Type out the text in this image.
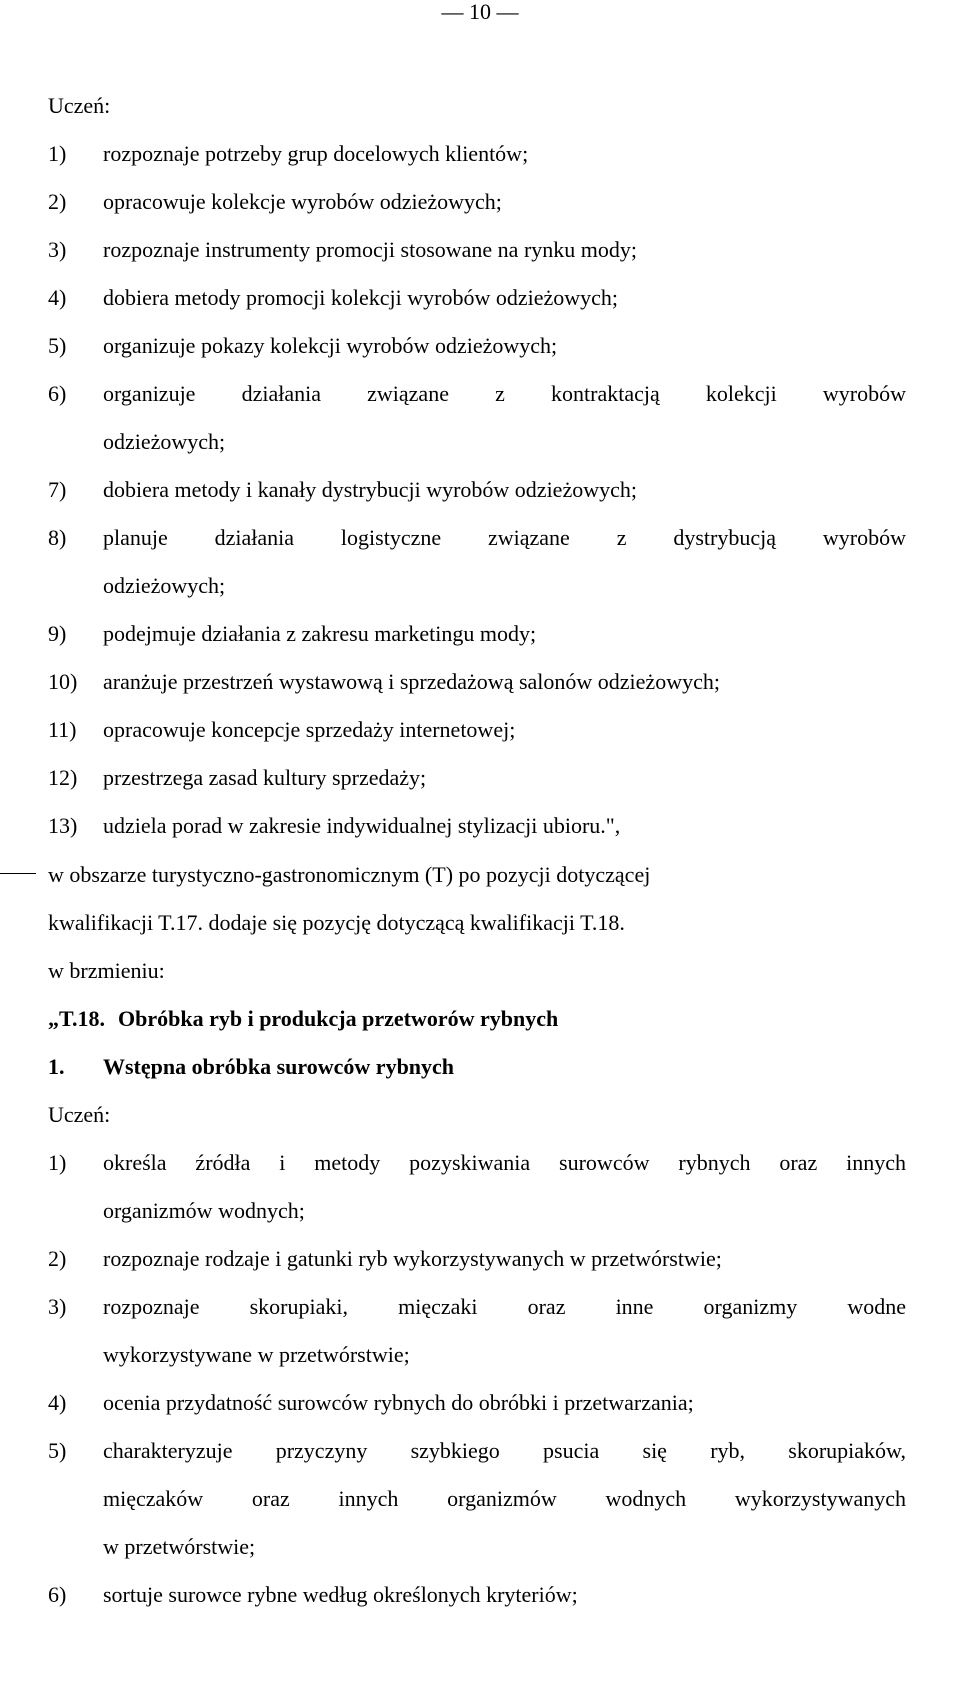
— 10 —
Uczeń:
1)	rozpoznaje potrzeby grup docelowych klientów;
2)	opracowuje kolekcje wyrobów odzieżowych;
3)	rozpoznaje instrumenty promocji stosowane na rynku mody;
4)	dobiera metody promocji kolekcji wyrobów odzieżowych;
5)	organizuje pokazy kolekcji wyrobów odzieżowych;
6)	organizuje działania związane z kontraktacją kolekcji wyrobów
odzieżowych;
7)	dobiera metody i kanały dystrybucji wyrobów odzieżowych;
8)	planuje działania logistyczne związane z dystrybucją wyrobów
odzieżowych;
9)	podejmuje działania z zakresu marketingu mody;
10)	aranżuje przestrzeń wystawową i sprzedażową salonów odzieżowych;
11)	opracowuje koncepcje sprzedaży internetowej;
12)	przestrzega zasad kultury sprzedaży;
13)	udziela porad w zakresie indywidualnej stylizacji ubioru.",
w obszarze turystyczno-gastronomicznym (T) po pozycji dotyczącej
kwalifikacji T.17. dodaje się pozycję dotyczącą kwalifikacji T.18.
w brzmieniu:
„T.18. Obróbka ryb i produkcja przetworów rybnych
1.	Wstępna obróbka surowców rybnych
Uczeń:
1)	określa źródła i metody pozyskiwania surowców rybnych oraz innych
organizmów wodnych;
2)	rozpoznaje rodzaje i gatunki ryb wykorzystywanych w przetwórstwie;
3)	rozpoznaje skorupiaki, mięczaki oraz inne organizmy wodne
wykorzystywane w przetwórstwie;
4)	ocenia przydatność surowców rybnych do obróbki i przetwarzania;
5)	charakteryzuje przyczyny szybkiego psucia się ryb, skorupiaków,
mięczaków oraz innych organizmów wodnych wykorzystywanych
w przetwórstwie;
6)	sortuje surowce rybne według określonych kryteriów;
